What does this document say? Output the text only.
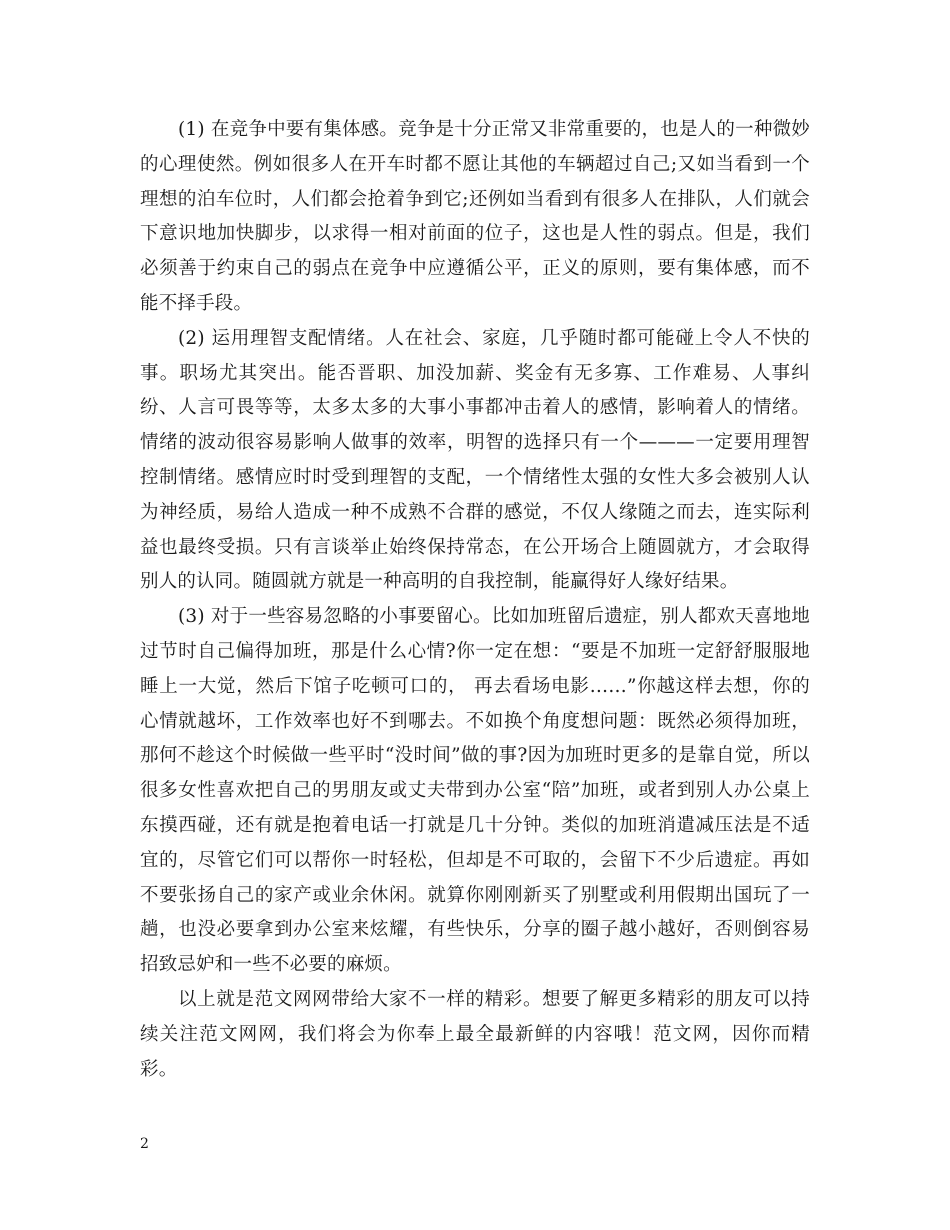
(1) 在竞争中要有集体感。竞争是十分正常又非常重要的，也是人的一种微妙的心理使然。例如很多人在开车时都不愿让其他的车辆超过自己;又如当看到一个理想的泊车位时，人们都会抢着争到它;还例如当看到有很多人在排队，人们就会下意识地加快脚步，以求得一相对前面的位子，这也是人性的弱点。但是，我们必须善于约束自己的弱点在竞争中应遵循公平，正义的原则，要有集体感，而不能不择手段。

(2) 运用理智支配情绪。人在社会、家庭，几乎随时都可能碰上令人不快的事。职场尤其突出。能否晋职、加没加薪、奖金有无多寡、工作难易、人事纠纷、人言可畏等等，太多太多的大事小事都冲击着人的感情，影响着人的情绪。情绪的波动很容易影响人做事的效率，明智的选择只有一个———一定要用理智控制情绪。感情应时时受到理智的支配，一个情绪性太强的女性大多会被别人认为神经质，易给人造成一种不成熟不合群的感觉，不仅人缘随之而去，连实际利益也最终受损。只有言谈举止始终保持常态，在公开场合上随圆就方，才会取得别人的认同。随圆就方就是一种高明的自我控制，能赢得好人缘好结果。

(3) 对于一些容易忽略的小事要留心。比如加班留后遗症，别人都欢天喜地地过节时自己偏得加班，那是什么心情?你一定在想：“要是不加班一定舒舒服服地睡上一大觉，然后下馆子吃顿可口的， 再去看场电影……”你越这样去想，你的心情就越坏，工作效率也好不到哪去。不如换个角度想问题：既然必须得加班，那何不趁这个时候做一些平时“没时间”做的事?因为加班时更多的是靠自觉，所以很多女性喜欢把自己的男朋友或丈夫带到办公室“陪”加班，或者到别人办公桌上东摸西碰，还有就是抱着电话一打就是几十分钟。类似的加班消遣减压法是不适宜的，尽管它们可以帮你一时轻松，但却是不可取的，会留下不少后遗症。再如不要张扬自己的家产或业余休闲。就算你刚刚新买了别墅或利用假期出国玩了一趟，也没必要拿到办公室来炫耀，有些快乐，分享的圈子越小越好，否则倒容易招致忌妒和一些不必要的麻烦。

以上就是范文网网带给大家不一样的精彩。想要了解更多精彩的朋友可以持续关注范文网网，我们将会为你奉上最全最新鲜的内容哦！范文网，因你而精彩。

2
